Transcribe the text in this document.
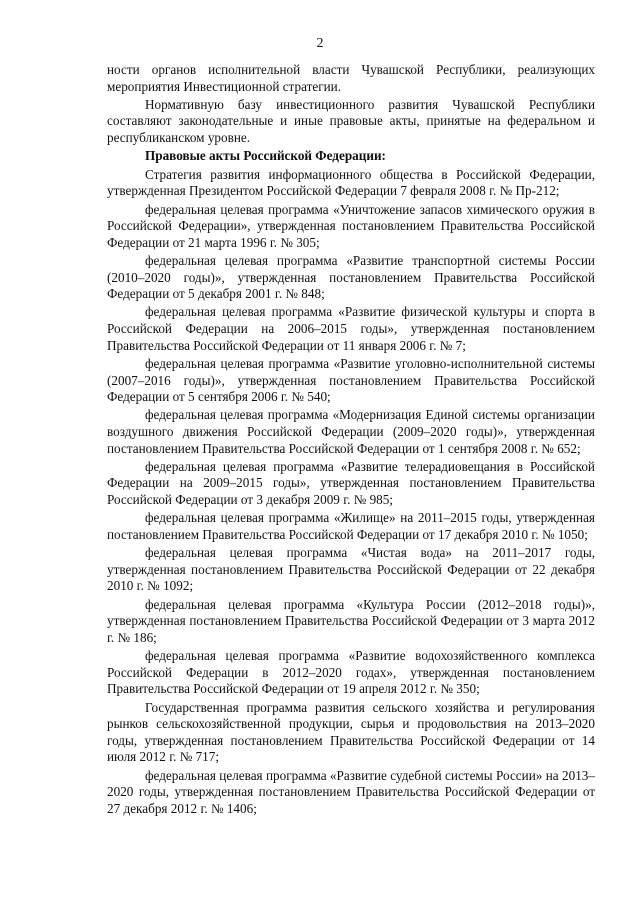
2

ности органов исполнительной власти Чувашской Республики, реализующих мероприятия Инвестиционной стратегии.

Нормативную базу инвестиционного развития Чувашской Республики составляют законодательные и иные правовые акты, принятые на федеральном и республиканском уровне.

Правовые акты Российской Федерации:

Стратегия развития информационного общества в Российской Федерации, утвержденная Президентом Российской Федерации 7 февраля 2008 г. № Пр-212;

федеральная целевая программа «Уничтожение запасов химического оружия в Российской Федерации», утвержденная постановлением Правительства Российской Федерации от 21 марта 1996 г. № 305;

федеральная целевая программа «Развитие транспортной системы России (2010–2020 годы)», утвержденная постановлением Правительства Российской Федерации от 5 декабря 2001 г. № 848;

федеральная целевая программа «Развитие физической культуры и спорта в Российской Федерации на 2006–2015 годы», утвержденная постановлением Правительства Российской Федерации от 11 января 2006 г. № 7;

федеральная целевая программа «Развитие уголовно-исполнительной системы (2007–2016 годы)», утвержденная постановлением Правительства Российской Федерации от 5 сентября 2006 г. № 540;

федеральная целевая программа «Модернизация Единой системы организации воздушного движения Российской Федерации (2009–2020 годы)», утвержденная постановлением Правительства Российской Федерации от 1 сентября 2008 г. № 652;

федеральная целевая программа «Развитие телерадиовещания в Российской Федерации на 2009–2015 годы», утвержденная постановлением Правительства Российской Федерации от 3 декабря 2009 г. № 985;

федеральная целевая программа «Жилище» на 2011–2015 годы, утвержденная постановлением Правительства Российской Федерации от 17 декабря 2010 г. № 1050;

федеральная целевая программа «Чистая вода» на 2011–2017 годы, утвержденная постановлением Правительства Российской Федерации от 22 декабря 2010 г. № 1092;

федеральная целевая программа «Культура России (2012–2018 годы)», утвержденная постановлением Правительства Российской Федерации от 3 марта 2012 г. № 186;

федеральная целевая программа «Развитие водохозяйственного комплекса Российской Федерации в 2012–2020 годах», утвержденная постановлением Правительства Российской Федерации от 19 апреля 2012 г. № 350;

Государственная программа развития сельского хозяйства и регулирования рынков сельскохозяйственной продукции, сырья и продовольствия на 2013–2020 годы, утвержденная постановлением Правительства Российской Федерации от 14 июля 2012 г. № 717;

федеральная целевая программа «Развитие судебной системы России» на 2013–2020 годы, утвержденная постановлением Правительства Российской Федерации от 27 декабря 2012 г. № 1406;
